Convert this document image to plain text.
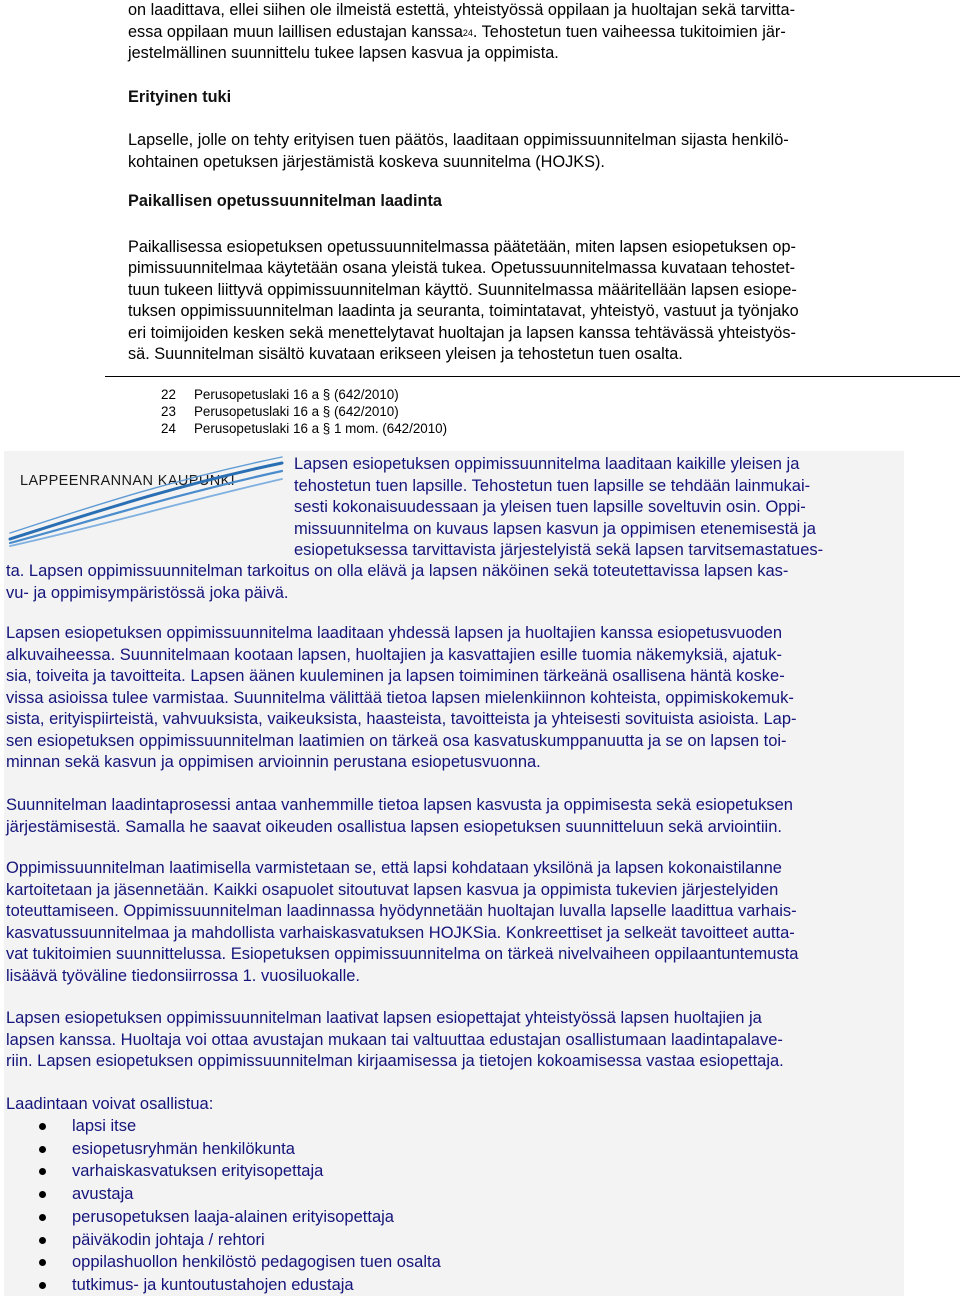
on laadittava, ellei siihen ole ilmeistä estettä, yhteistyössä oppilaan ja huoltajan sekä tarvitta-
essa oppilaan muun laillisen edustajan kanssa$^{24}$. Tehostetun tuen vaiheessa tukitoimien jär-
jestelmällinen suunnittelu tukee lapsen kasvua ja oppimista.

Erityinen tuki

Lapselle, jolle on tehty erityisen tuen päätös, laaditaan oppimissuunnitelman sijasta henkilö-
kohtainen opetuksen järjestämistä koskeva suunnitelma (HOJKS).

Paikallisen opetussuunnitelman laadinta

Paikallisessa esiopetuksen opetussuunnitelmassa päätetään, miten lapsen esiopetuksen op-
pimissuunnitelmaa käytetään osana yleistä tukea. Opetussuunnitelmassa kuvataan tehostet-
tuun tukeen liittyvä oppimissuunnitelman käyttö. Suunnitelmassa määritellään lapsen esiope-
tuksen oppimissuunnitelman laadinta ja seuranta, toimintatavat, yhteistyö, vastuut ja työnjako
eri toimijoiden kesken sekä menettelytavat huoltajan ja lapsen kanssa tehtävässä yhteistyös-
sä. Suunnitelman sisältö kuvataan erikseen yleisen ja tehostetun tuen osalta.

22 Perusopetuslaki 16 a § (642/2010)
23 Perusopetuslaki 16 a § (642/2010)
24 Perusopetuslaki 16 a § 1 mom. (642/2010)
LAPPEENRANNAN KAUPUNKI

Lapsen esiopetuksen oppimissuunnitelma laaditaan kaikille yleisen ja
tehostetun tuen lapsille. Tehostetun tuen lapsille se tehdään lainmukai-
sesti kokonaisuudessaan ja yleisen tuen lapsille soveltuvin osin. Oppi-
missuunnitelma on kuvaus lapsen kasvun ja oppimisen etenemisestä ja
esiopetuksessa tarvittavista järjestelyistä sekä lapsen tarvitsemastatues-

ta. Lapsen oppimissuunnitelman tarkoitus on olla elävä ja lapsen näköinen sekä toteutettavissa lapsen kas-
vu- ja oppimisympäristössä joka päivä.

Lapsen esiopetuksen oppimissuunnitelma laaditaan yhdessä lapsen ja huoltajien kanssa esiopetusvuoden
alkuvaiheessa. Suunnitelmaan kootaan lapsen, huoltajien ja kasvattajien esille tuomia näkemyksiä, ajatuk-
sia, toiveita ja tavoitteita. Lapsen äänen kuuleminen ja lapsen toimiminen tärkeänä osallisena häntä koske-
vissa asioissa tulee varmistaa. Suunnitelma välittää tietoa lapsen mielenkiinnon kohteista, oppimiskokemuk-
sista, erityispiirteistä, vahvuuksista, vaikeuksista, haasteista, tavoitteista ja yhteisesti sovituista asioista. Lap-
sen esiopetuksen oppimissuunnitelman laatimien on tärkeä osa kasvatuskumppanuutta ja se on lapsen toi-
minnan sekä kasvun ja oppimisen arvioinnin perustana esiopetusvuonna.

Suunnitelman laadintaprosessi antaa vanhemmille tietoa lapsen kasvusta ja oppimisesta sekä esiopetuksen
järjestämisestä. Samalla he saavat oikeuden osallistua lapsen esiopetuksen suunnitteluun sekä arviointiin.

Oppimissuunnitelman laatimisella varmistetaan se, että lapsi kohdataan yksilönä ja lapsen kokonaistilanne
kartoitetaan ja jäsennetään. Kaikki osapuolet sitoutuvat lapsen kasvua ja oppimista tukevien järjestelyiden
toteuttamiseen. Oppimissuunnitelman laadinnassa hyödynnetään huoltajan luvalla lapselle laadittua varhais-
kasvatussuunnitelmaa ja mahdollista varhaiskasvatuksen HOJKSia. Konkreettiset ja selkeät tavoitteet autta-
vat tukitoimien suunnittelussa. Esiopetuksen oppimissuunnitelma on tärkeä nivelvaiheen oppilaantuntemusta
lisäävä työväline tiedonsiirrossa 1. vuosiluokalle.

Lapsen esiopetuksen oppimissuunnitelman laativat lapsen esiopettajat yhteistyössä lapsen huoltajien ja
lapsen kanssa. Huoltaja voi ottaa avustajan mukaan tai valtuuttaa edustajan osallistumaan laadintapalave-
riin. Lapsen esiopetuksen oppimissuunnitelman kirjaamisessa ja tietojen kokoamisessa vastaa esiopettaja.

Laadintaan voivat osallistua:

lapsi itse
esiopetusryhmän henkilökunta
varhaiskasvatuksen erityisopettaja
avustaja
perusopetuksen laaja-alainen erityisopettaja
päiväkodin johtaja / rehtori
oppilashuollon henkilöstö pedagogisen tuen osalta
tutkimus- ja kuntoutustahojen edustaja
